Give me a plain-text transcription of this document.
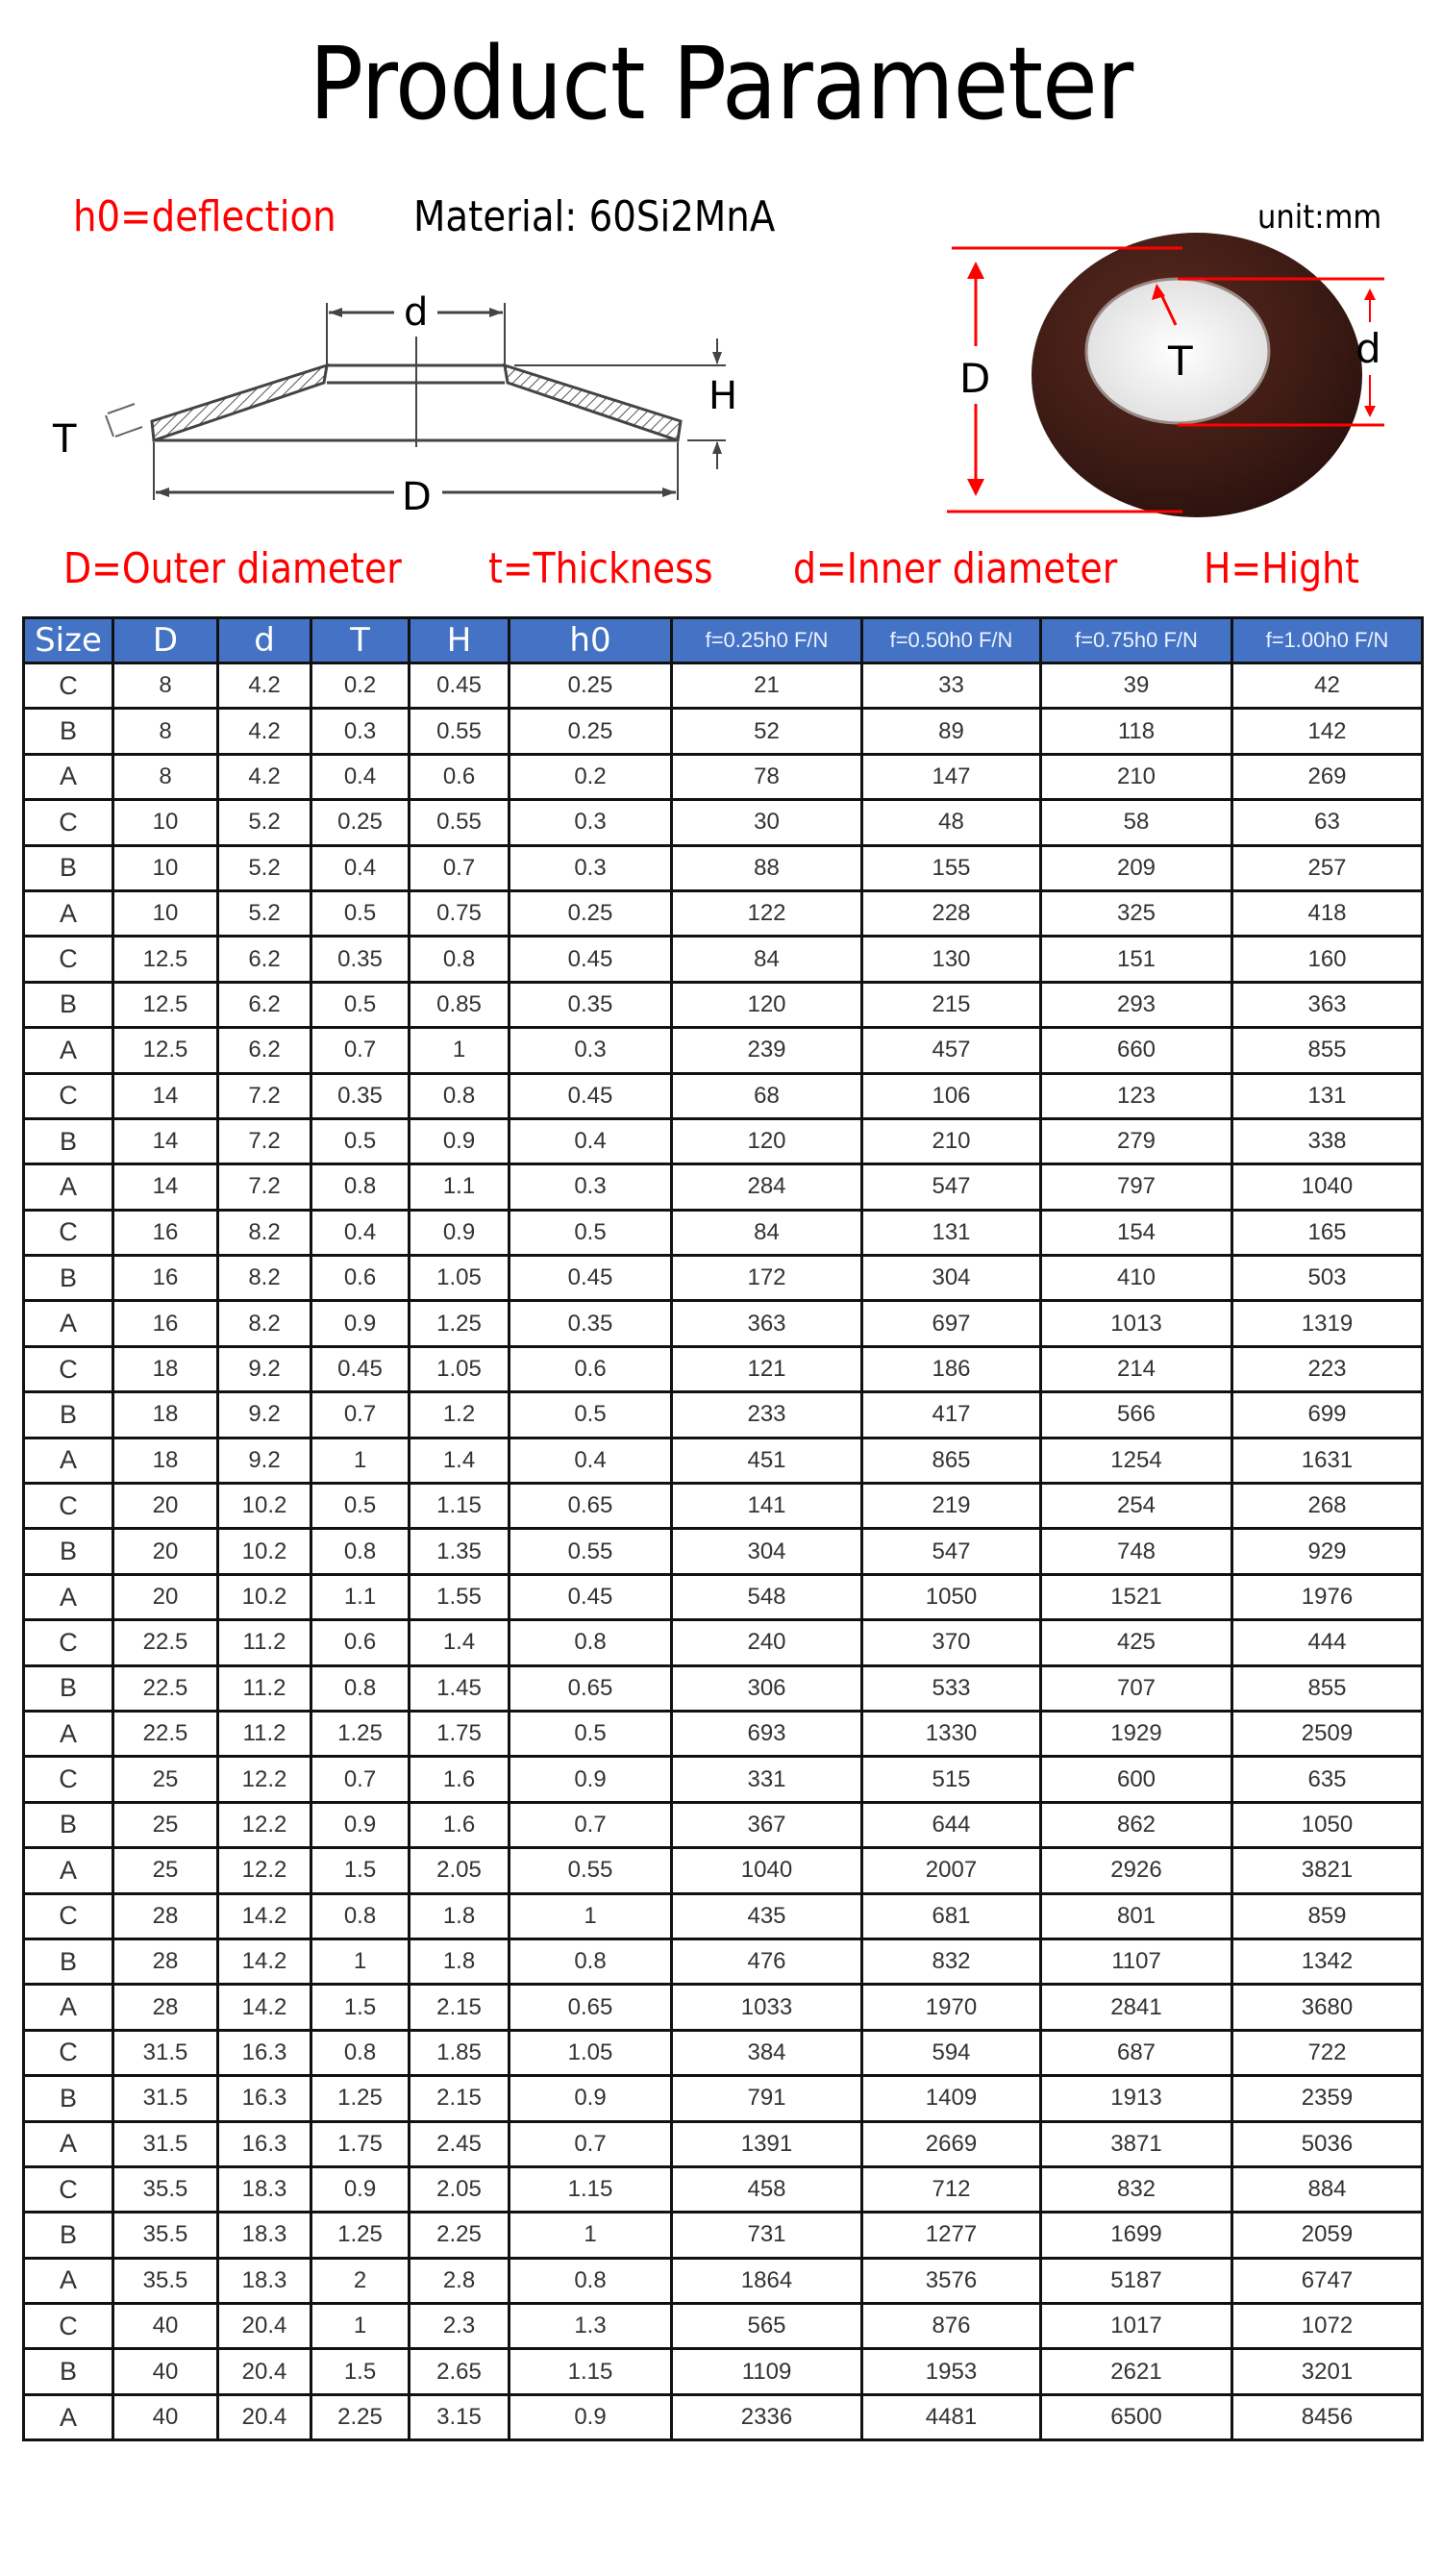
Product Parameter
h0=deflection Material: 60Si2MnA	unit:mm
H
T
d
D
D
d
T
D=Outer diameter t=Thickness d=Inner diameter H=Hight
Size	D	d	T	H	h0	f=0.25h0 F/N	f=0.50h0 F/N	f=0.75h0 F/N	f=1.00h0 F/N
C	8	4.2	0.2	0.45	0.25	21	33	39	42
B	8	4.2	0.3	0.55	0.25	52	89	118	142
A	8	4.2	0.4	0.6	0.2	78	147	210	269
C	10	5.2	0.25	0.55	0.3	30	48	58	63
B	10	5.2	0.4	0.7	0.3	88	155	209	257
A	10	5.2	0.5	0.75	0.25	122	228	325	418
C	12.5	6.2	0.35	0.8	0.45	84	130	151	160
B	12.5	6.2	0.5	0.85	0.35	120	215	293	363
A	12.5	6.2	0.7	1	0.3	239	457	660	855
C	14	7.2	0.35	0.8	0.45	68	106	123	131
B	14	7.2	0.5	0.9	0.4	120	210	279	338
A	14	7.2	0.8	1.1	0.3	284	547	797	1040
C	16	8.2	0.4	0.9	0.5	84	131	154	165
B	16	8.2	0.6	1.05	0.45	172	304	410	503
A	16	8.2	0.9	1.25	0.35	363	697	1013	1319
C	18	9.2	0.45	1.05	0.6	121	186	214	223
B	18	9.2	0.7	1.2	0.5	233	417	566	699
A	18	9.2	1	1.4	0.4	451	865	1254	1631
C	20	10.2	0.5	1.15	0.65	141	219	254	268
B	20	10.2	0.8	1.35	0.55	304	547	748	929
A	20	10.2	1.1	1.55	0.45	548	1050	1521	1976
C	22.5	11.2	0.6	1.4	0.8	240	370	425	444
B	22.5	11.2	0.8	1.45	0.65	306	533	707	855
A	22.5	11.2	1.25	1.75	0.5	693	1330	1929	2509
C	25	12.2	0.7	1.6	0.9	331	515	600	635
B	25	12.2	0.9	1.6	0.7	367	644	862	1050
A	25	12.2	1.5	2.05	0.55	1040	2007	2926	3821
C	28	14.2	0.8	1.8	1	435	681	801	859
B	28	14.2	1	1.8	0.8	476	832	1107	1342
A	28	14.2	1.5	2.15	0.65	1033	1970	2841	3680
C	31.5	16.3	0.8	1.85	1.05	384	594	687	722
B	31.5	16.3	1.25	2.15	0.9	791	1409	1913	2359
A	31.5	16.3	1.75	2.45	0.7	1391	2669	3871	5036
C	35.5	18.3	0.9	2.05	1.15	458	712	832	884
B	35.5	18.3	1.25	2.25	1	731	1277	1699	2059
A	35.5	18.3	2	2.8	0.8	1864	3576	5187	6747
C	40	20.4	1	2.3	1.3	565	876	1017	1072
B	40	20.4	1.5	2.65	1.15	1109	1953	2621	3201
A	40	20.4	2.25	3.15	0.9	2336	4481	6500	8456
